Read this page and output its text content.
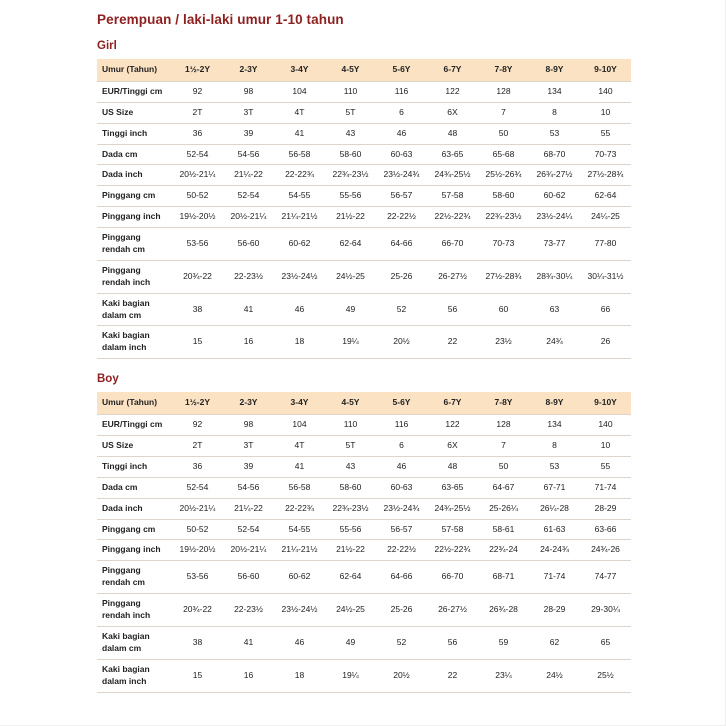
Perempuan / laki-laki umur 1-10 tahun
Girl
Umur (Tahun)	1½-2Y	2-3Y	3-4Y	4-5Y	5-6Y	6-7Y	7-8Y	8-9Y	9-10Y
EUR/Tinggi cm	92	98	104	110	116	122	128	134	140
US Size	2T	3T	4T	5T	6	6X	7	8	10
Tinggi inch	36	39	41	43	46	48	50	53	55
Dada cm	52-54	54-56	56-58	58-60	60-63	63-65	65-68	68-70	70-73
Dada inch	20½-21¼	21¼-22	22-22¾	22¾-23½	23½-24¾	24¾-25½	25½-26¾	26¾-27½	27½-28¾
Pinggang cm	50-52	52-54	54-55	55-56	56-57	57-58	58-60	60-62	62-64
Pinggang inch	19½-20½	20½-21¼	21¼-21½	21½-22	22-22½	22½-22¾	22¾-23½	23½-24¼	24¼-25
Pinggang rendah cm	53-56	56-60	60-62	62-64	64-66	66-70	70-73	73-77	77-80
Pinggang rendah inch	20¾-22	22-23½	23½-24½	24½-25	25-26	26-27½	27½-28¾	28¾-30¼	30¼-31½
Kaki bagian dalam cm	38	41	46	49	52	56	60	63	66
Kaki bagian dalam inch	15	16	18	19¼	20½	22	23½	24¾	26
Boy
Umur (Tahun)	1½-2Y	2-3Y	3-4Y	4-5Y	5-6Y	6-7Y	7-8Y	8-9Y	9-10Y
EUR/Tinggi cm	92	98	104	110	116	122	128	134	140
US Size	2T	3T	4T	5T	6	6X	7	8	10
Tinggi inch	36	39	41	43	46	48	50	53	55
Dada cm	52-54	54-56	56-58	58-60	60-63	63-65	64-67	67-71	71-74
Dada inch	20½-21¼	21¼-22	22-22¾	22¾-23½	23½-24¾	24¾-25½	25-26¼	26¼-28	28-29
Pinggang cm	50-52	52-54	54-55	55-56	56-57	57-58	58-61	61-63	63-66
Pinggang inch	19½-20½	20½-21¼	21¼-21½	21½-22	22-22½	22½-22¾	22¾-24	24-24¾	24¾-26
Pinggang rendah cm	53-56	56-60	60-62	62-64	64-66	66-70	68-71	71-74	74-77
Pinggang rendah inch	20¾-22	22-23½	23½-24½	24½-25	25-26	26-27½	26¾-28	28-29	29-30¼
Kaki bagian dalam cm	38	41	46	49	52	56	59	62	65
Kaki bagian dalam inch	15	16	18	19¼	20½	22	23¼	24½	25½
